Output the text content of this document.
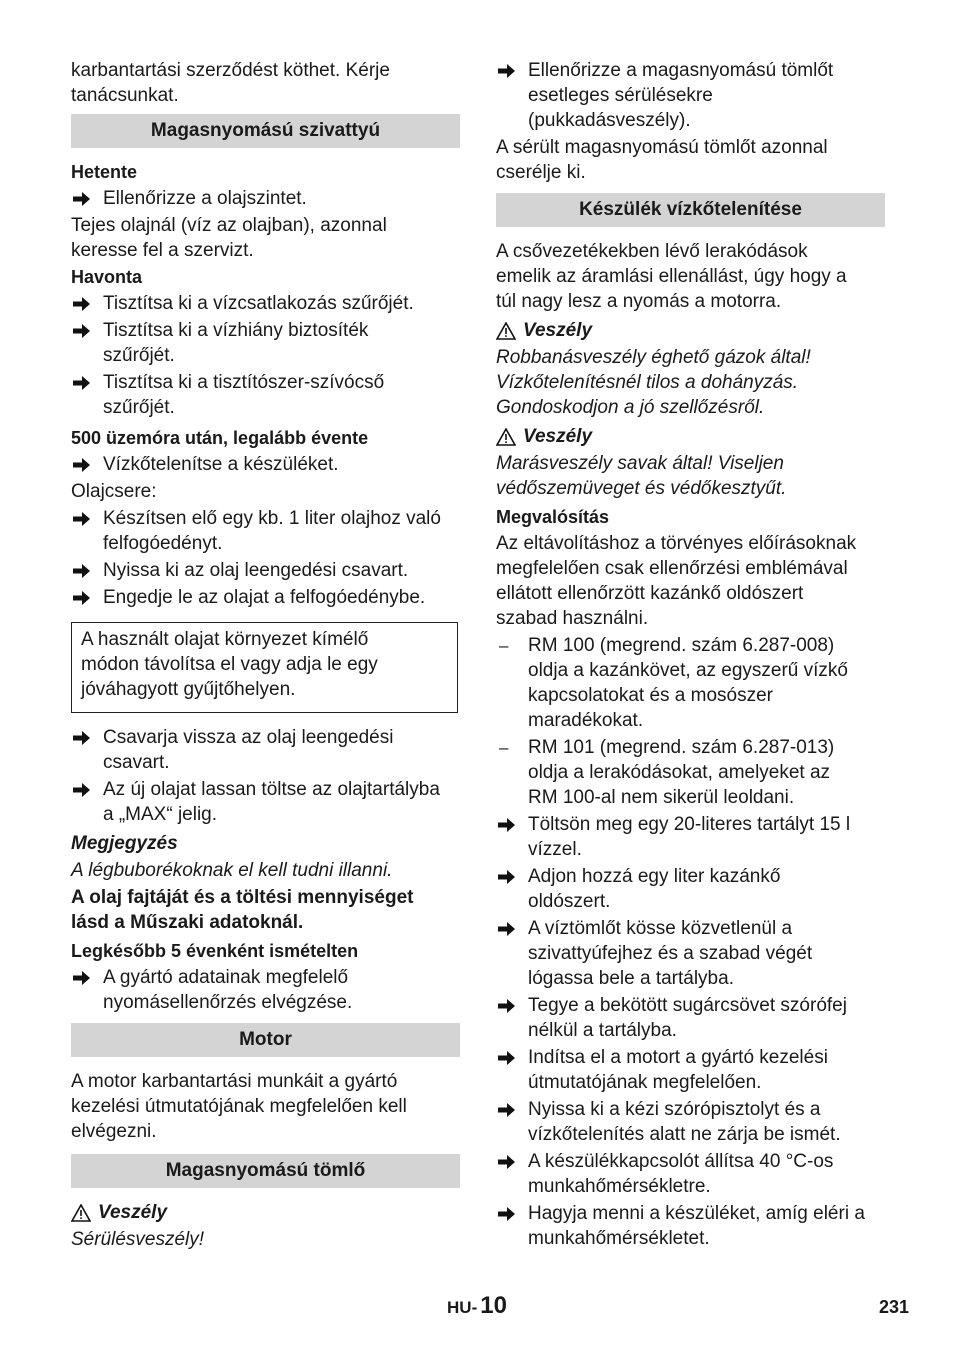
karbantartási szerződést köthet. Kérje
tanácsunkat.

Magasnyomású szivattyú
Hetente
Ellenőrizze a olajszintet.

Tejes olajnál (víz az olajban), azonnal
keresse fel a szervizt.

Havonta
Tisztítsa ki a vízcsatlakozás szűrőjét.
Tisztítsa ki a vízhiány biztosíték
szűrőjét.
Tisztítsa ki a tisztítószer-szívócső
szűrőjét.
500 üzemóra után, legalább évente
Vízkőtelenítse a készüléket.

Olajcsere:

Készítsen elő egy kb. 1 liter olajhoz való
felfogóedényt.
Nyissa ki az olaj leengedési csavart.
Engedje le az olajat a felfogóedénybe.
A használt olajat környezet kímélő
módon távolítsa el vagy adja le egy
jóváhagyott gyűjtőhelyen.
Csavarja vissza az olaj leengedési
csavart.
Az új olajat lassan töltse az olajtartályba
a „MAX“ jelig.
Megjegyzés

A légbuborékoknak el kell tudni illanni.

A olaj fajtáját és a töltési mennyiséget
lásd a Műszaki adatoknál.

Legkésőbb 5 évenként ismételten
A gyártó adatainak megfelelő
nyomásellenőrzés elvégzése.
Motor

A motor karbantartási munkáit a gyártó
kezelési útmutatójának megfelelően kell
elvégezni.

Magasnyomású tömlő
Veszély

Sérülésveszély!

Ellenőrizze a magasnyomású tömlőt
esetleges sérülésekre
(pukkadásveszély).

A sérült magasnyomású tömlőt azonnal
cserélje ki.

Készülék vízkőtelenítése

A csővezetékekben lévő lerakódások
emelik az áramlási ellenállást, úgy hogy a
túl nagy lesz a nyomás a motorra.

Veszély

Robbanásveszély éghető gázok által!
Vízkőtelenítésnél tilos a dohányzás.
Gondoskodjon a jó szellőzésről.

Veszély

Marásveszély savak által! Viseljen
védőszemüveget és védőkesztyűt.

Megvalósítás

Az eltávolításhoz a törvényes előírásoknak
megfelelően csak ellenőrzési emblémával
ellátott ellenőrzött kazánkő oldószert
szabad használni.

– RM 100 (megrend. szám 6.287-008)
oldja a kazánkövet, az egyszerű vízkő
kapcsolatokat és a mosószer
maradékokat.
– RM 101 (megrend. szám 6.287-013)
oldja a lerakódásokat, amelyeket az
RM 100-al nem sikerül leoldani.
Töltsön meg egy 20-literes tartályt 15 l
vízzel.
Adjon hozzá egy liter kazánkő
oldószert.
A víztömlőt kösse közvetlenül a
szivattyúfejhez és a szabad végét
lógassa bele a tartályba.
Tegye a bekötött sugárcsövet szórófej
nélkül a tartályba.
Indítsa el a motort a gyártó kezelési
útmutatójának megfelelően.
Nyissa ki a kézi szórópisztolyt és a
vízkőtelenítés alatt ne zárja be ismét.
A készülékkapcsolót állítsa 40 °C-os
munkahőmérsékletre.
Hagyja menni a készüléket, amíg eléri a
munkahőmérsékletet.
HU- 10	231
